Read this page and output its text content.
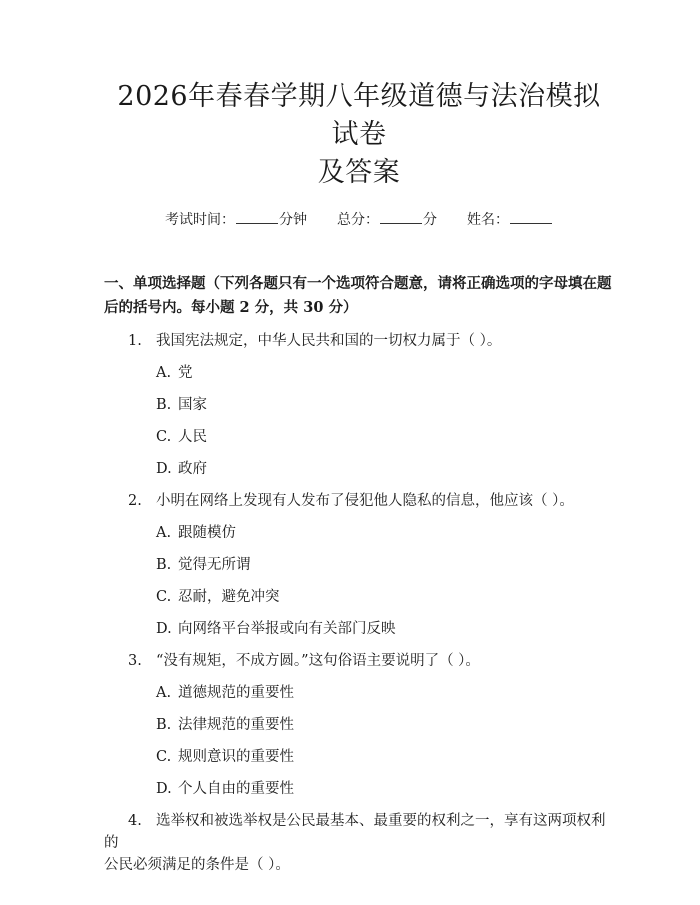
2026年春春学期八年级道德与法治模拟试卷
及答案
考试时间：	分钟 总分：	分 姓名：
一、单项选择题（下列各题只有一个选项符合题意，请将正确选项的字母填在题
后的括号内。每小题 2 分，共 30 分）
1. 我国宪法规定，中华人民共和国的一切权力属于（ ）。
A. 党
B. 国家
C. 人民
D. 政府
2. 小明在网络上发现有人发布了侵犯他人隐私的信息，他应该（ ）。
A. 跟随模仿
B. 觉得无所谓
C. 忍耐，避免冲突
D. 向网络平台举报或向有关部门反映
3. “没有规矩，不成方圆。”这句俗语主要说明了（ ）。
A. 道德规范的重要性
B. 法律规范的重要性
C. 规则意识的重要性
D. 个人自由的重要性
4. 选举权和被选举权是公民最基本、最重要的权利之一，享有这两项权利的
公民必须满足的条件是（ ）。
